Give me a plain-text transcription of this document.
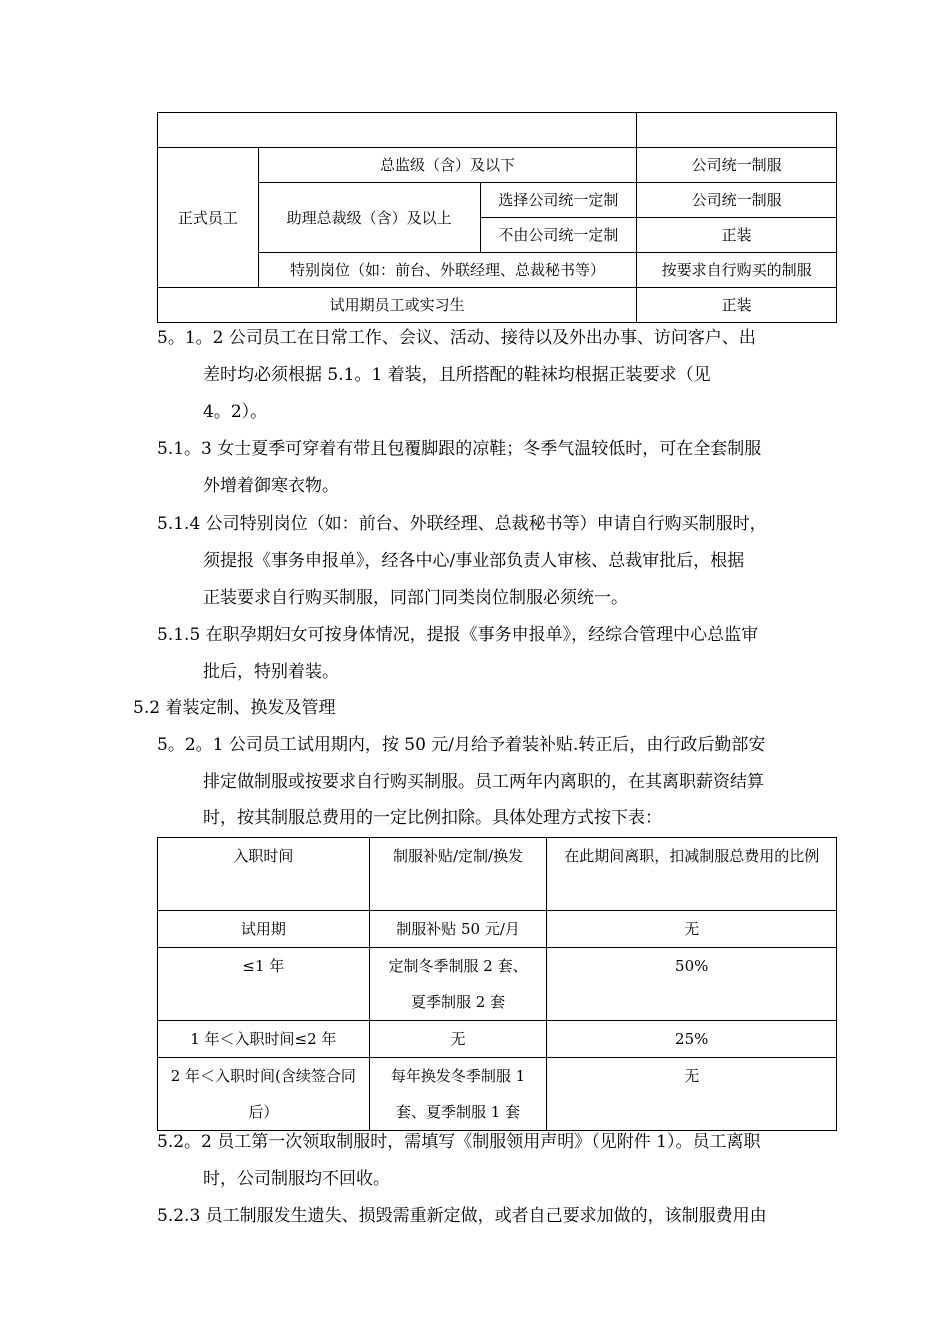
正式员工	总监级（含）及以下		公司统一制服
	助理总裁级（含）及以上	选择公司统一定制	公司统一制服
		不由公司统一定制	正装
	特别岗位（如：前台、外联经理、总裁秘书等）		按要求自行购买的制服
试用期员工或实习生			正装
5。1。2 公司员工在日常工作、会议、活动、接待以及外出办事、访问客户、出
差时均必须根据 5.1。1 着装，且所搭配的鞋袜均根据正装要求（见
4。2）。
5.1。3 女士夏季可穿着有带且包覆脚跟的凉鞋；冬季气温较低时，可在全套制服
外增着御寒衣物。
5.1.4 公司特别岗位（如：前台、外联经理、总裁秘书等）申请自行购买制服时，
须提报《事务申报单》，经各中心/事业部负责人审核、总裁审批后，根据
正装要求自行购买制服，同部门同类岗位制服必须统一。
5.1.5 在职孕期妇女可按身体情况，提报《事务申报单》，经综合管理中心总监审
批后，特别着装。
5.2 着装定制、换发及管理
5。2。1 公司员工试用期内，按 50 元/月给予着装补贴.转正后，由行政后勤部安
排定做制服或按要求自行购买制服。员工两年内离职的，在其离职薪资结算
时，按其制服总费用的一定比例扣除。具体处理方式按下表：
入职时间	制服补贴/定制/换发	在此期间离职，扣减制服总费用的比例
试用期	制服补贴 50 元/月	无
≤1 年	定制冬季制服 2 套、夏季制服 2 套	50%
1 年＜入职时间≤2 年	无	25%
2 年＜入职时间(含续签合同后）	每年换发冬季制服 1 套、夏季制服 1 套	无
5.2。2 员工第一次领取制服时，需填写《制服领用声明》（见附件 1）。员工离职
时，公司制服均不回收。
5.2.3 员工制服发生遗失、损毁需重新定做，或者自己要求加做的，该制服费用由
